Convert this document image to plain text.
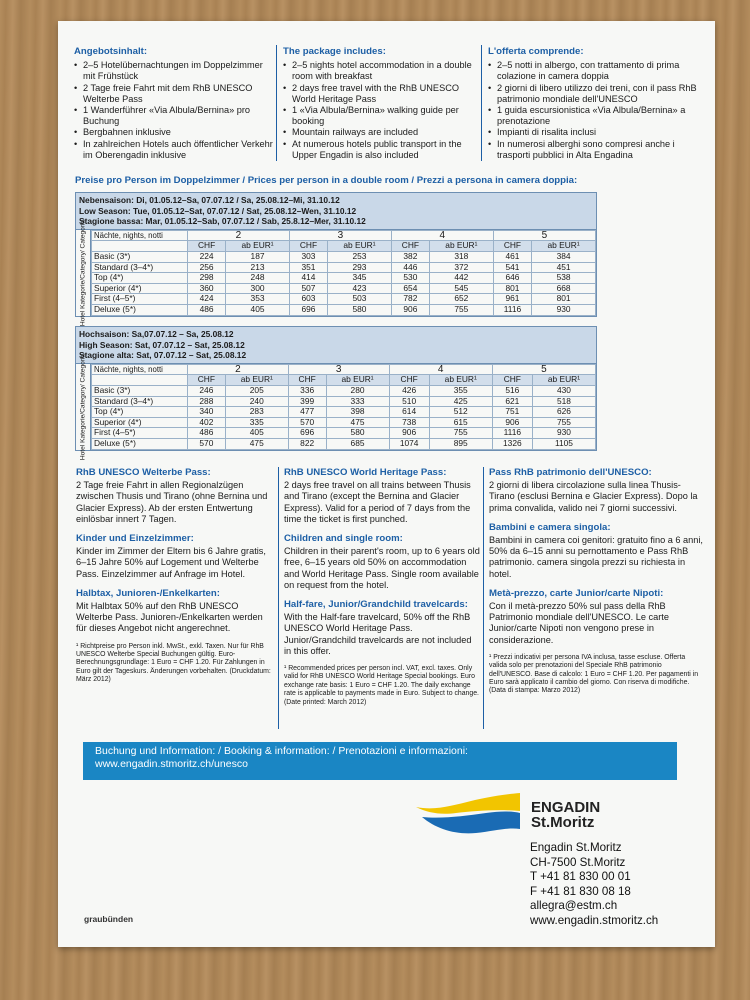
Angebotsinhalt:
• 2–5 Hotelübernachtungen im Doppelzimmer mit Frühstück
• 2 Tage freie Fahrt mit dem RhB UNESCO Welterbe Pass
• 1 Wanderführer «Via Albula/Bernina» pro Buchung
• Bergbahnen inklusive
• In zahlreichen Hotels auch öffentlicher Verkehr im Oberengadin inklusive
The package includes:
• 2–5 nights hotel accommodation in a double room with breakfast
• 2 days free travel with the RhB UNESCO World Heritage Pass
• 1 «Via Albula/Bernina» walking guide per booking
• Mountain railways are included
• At numerous hotels public transport in the Upper Engadin is also included
L'offerta comprende:
• 2–5 notti in albergo, con trattamento di prima colazione in camera doppia
• 2 giorni di libero utilizzo dei treni, con il pass RhB patrimonio mondiale dell'UNESCO
• 1 guida escursionistica «Via Albula/Bernina» a prenotazione
• Impianti di risalita inclusi
• In numerosi alberghi sono compresi anche i trasporti pubblici in Alta Engadina
Preise pro Person im Doppelzimmer / Prices per person in a double room / Prezzi a persona in camera doppia:
Nebensaison: Di, 01.05.12–Sa, 07.07.12 / Sa, 25.08.12–Mi, 31.10.12
Low Season: Tue, 01.05.12–Sat, 07.07.12 / Sat, 25.08.12–Wen, 31.10.12
Stagione bassa: Mar, 01.05.12–Sab, 07.07.12 / Sab, 25.8.12–Mer, 31.10.12
Hotel Kategorie/Category/ Categoria Nächte, nights, notti	2		3		4		5	
	CHF	ab EUR¹	CHF	ab EUR¹	CHF	ab EUR¹	CHF	ab EUR¹
Basic (3*)	224	187	303	253	382	318	461	384
Standard (3–4*)	256	213	351	293	446	372	541	451
Top (4*)	298	248	414	345	530	442	646	538
Superior (4*)	360	300	507	423	654	545	801	668
First (4–5*)	424	353	603	503	782	652	961	801
Deluxe (5*)	486	405	696	580	906	755	1116	930
Hochsaison: Sa,07.07.12 – Sa, 25.08.12
High Season: Sat, 07.07.12 – Sat, 25.08.12
Stagione alta: Sat, 07.07.12 – Sat, 25.08.12
Hotel Kategorie/Category/ Categoria Nächte, nights, notti	2		3		4		5	
	CHF	ab EUR¹	CHF	ab EUR¹	CHF	ab EUR¹	CHF	ab EUR¹
Basic (3*)	246	205	336	280	426	355	516	430
Standard (3–4*)	288	240	399	333	510	425	621	518
Top (4*)	340	283	477	398	614	512	751	626
Superior (4*)	402	335	570	475	738	615	906	755
First (4–5*)	486	405	696	580	906	755	1116	930
Deluxe (5*)	570	475	822	685	1074	895	1326	1105
RhB UNESCO Welterbe Pass:

2 Tage freie Fahrt in allen Regionalzügen zwischen Thusis und Tirano (ohne Bernina und Glacier Express). Ab der ersten Entwertung einlösbar innert 7 Tagen.

Kinder und Einzelzimmer:

Kinder im Zimmer der Eltern bis 6 Jahre gratis, 6–15 Jahre 50% auf Logement und Welterbe Pass. Einzelzimmer auf Anfrage im Hotel.

Halbtax, Junioren-/Enkelkarten:

Mit Halbtax 50% auf den RhB UNESCO Welterbe Pass. Junioren-/Enkelkarten werden für dieses Angebot nicht angerechnet.

¹ Richtpreise pro Person inkl. MwSt., exkl. Taxen. Nur für RhB UNESCO Welterbe Special Buchungen gültig. Euro-Berechnungsgrundlage: 1 Euro = CHF 1.20. Für Zahlungen in Euro gilt der Tageskurs. Änderungen vorbehalten. (Druckdatum: März 2012)
RhB UNESCO World Heritage Pass:

2 days free travel on all trains between Thusis and Tirano (except the Bernina and Glacier Express). Valid for a period of 7 days from the time the ticket is first punched.

Children and single room:

Children in their parent's room, up to 6 years old free, 6–15 years old 50% on accommodation and World Heritage Pass. Single room available on request from the hotel.

Half-fare, Junior/Grandchild travelcards:

With the Half-fare travelcard, 50% off the RhB UNESCO World Heritage Pass. Junior/Grandchild travelcards are not included in this offer.

¹ Recommended prices per person incl. VAT, excl. taxes. Only valid for RhB UNESCO World Heritage Special bookings. Euro exchange rate basis: 1 Euro = CHF 1.20. The daily exchange rate is applicable to payments made in Euro. Subject to change. (Date printed: March 2012)
Pass RhB patrimonio dell'UNESCO:

2 giorni di libera circolazione sulla linea Thusis-Tirano (esclusi Bernina e Glacier Express). Dopo la prima convalida, valido nei 7 giorni successivi.

Bambini e camera singola:

Bambini in camera coi genitori: gratuito fino a 6 anni, 50% da 6–15 anni su pernottamento e Pass RhB patrimonio. camera singola prezzi su richiesta in hotel.

Metà-prezzo, carte Junior/carte Nipoti:

Con il metà-prezzo 50% sul pass della RhB Patrimonio mondiale dell'UNESCO. Le carte Junior/carte Nipoti non vengono prese in considerazione.

¹ Prezzi indicativi per persona IVA inclusa, tasse escluse. Offerta valida solo per prenotazioni del Speciale RhB patrimonio dell'UNESCO. Base di calcolo: 1 Euro = CHF 1.20. Per pagamenti in Euro sarà applicato il cambio del giorno. Con riserva di modifiche. (Data di stampa: Marzo 2012)
Buchung und Information: / Booking & information: / Prenotazioni e informazioni:
www.engadin.stmoritz.ch/unesco
ENGADIN
St.Moritz
Engadin St.Moritz
CH-7500 St.Moritz
T +41 81 830 00 01
F +41 81 830 08 18
allegra@estm.ch
www.engadin.stmoritz.ch
graubünden
